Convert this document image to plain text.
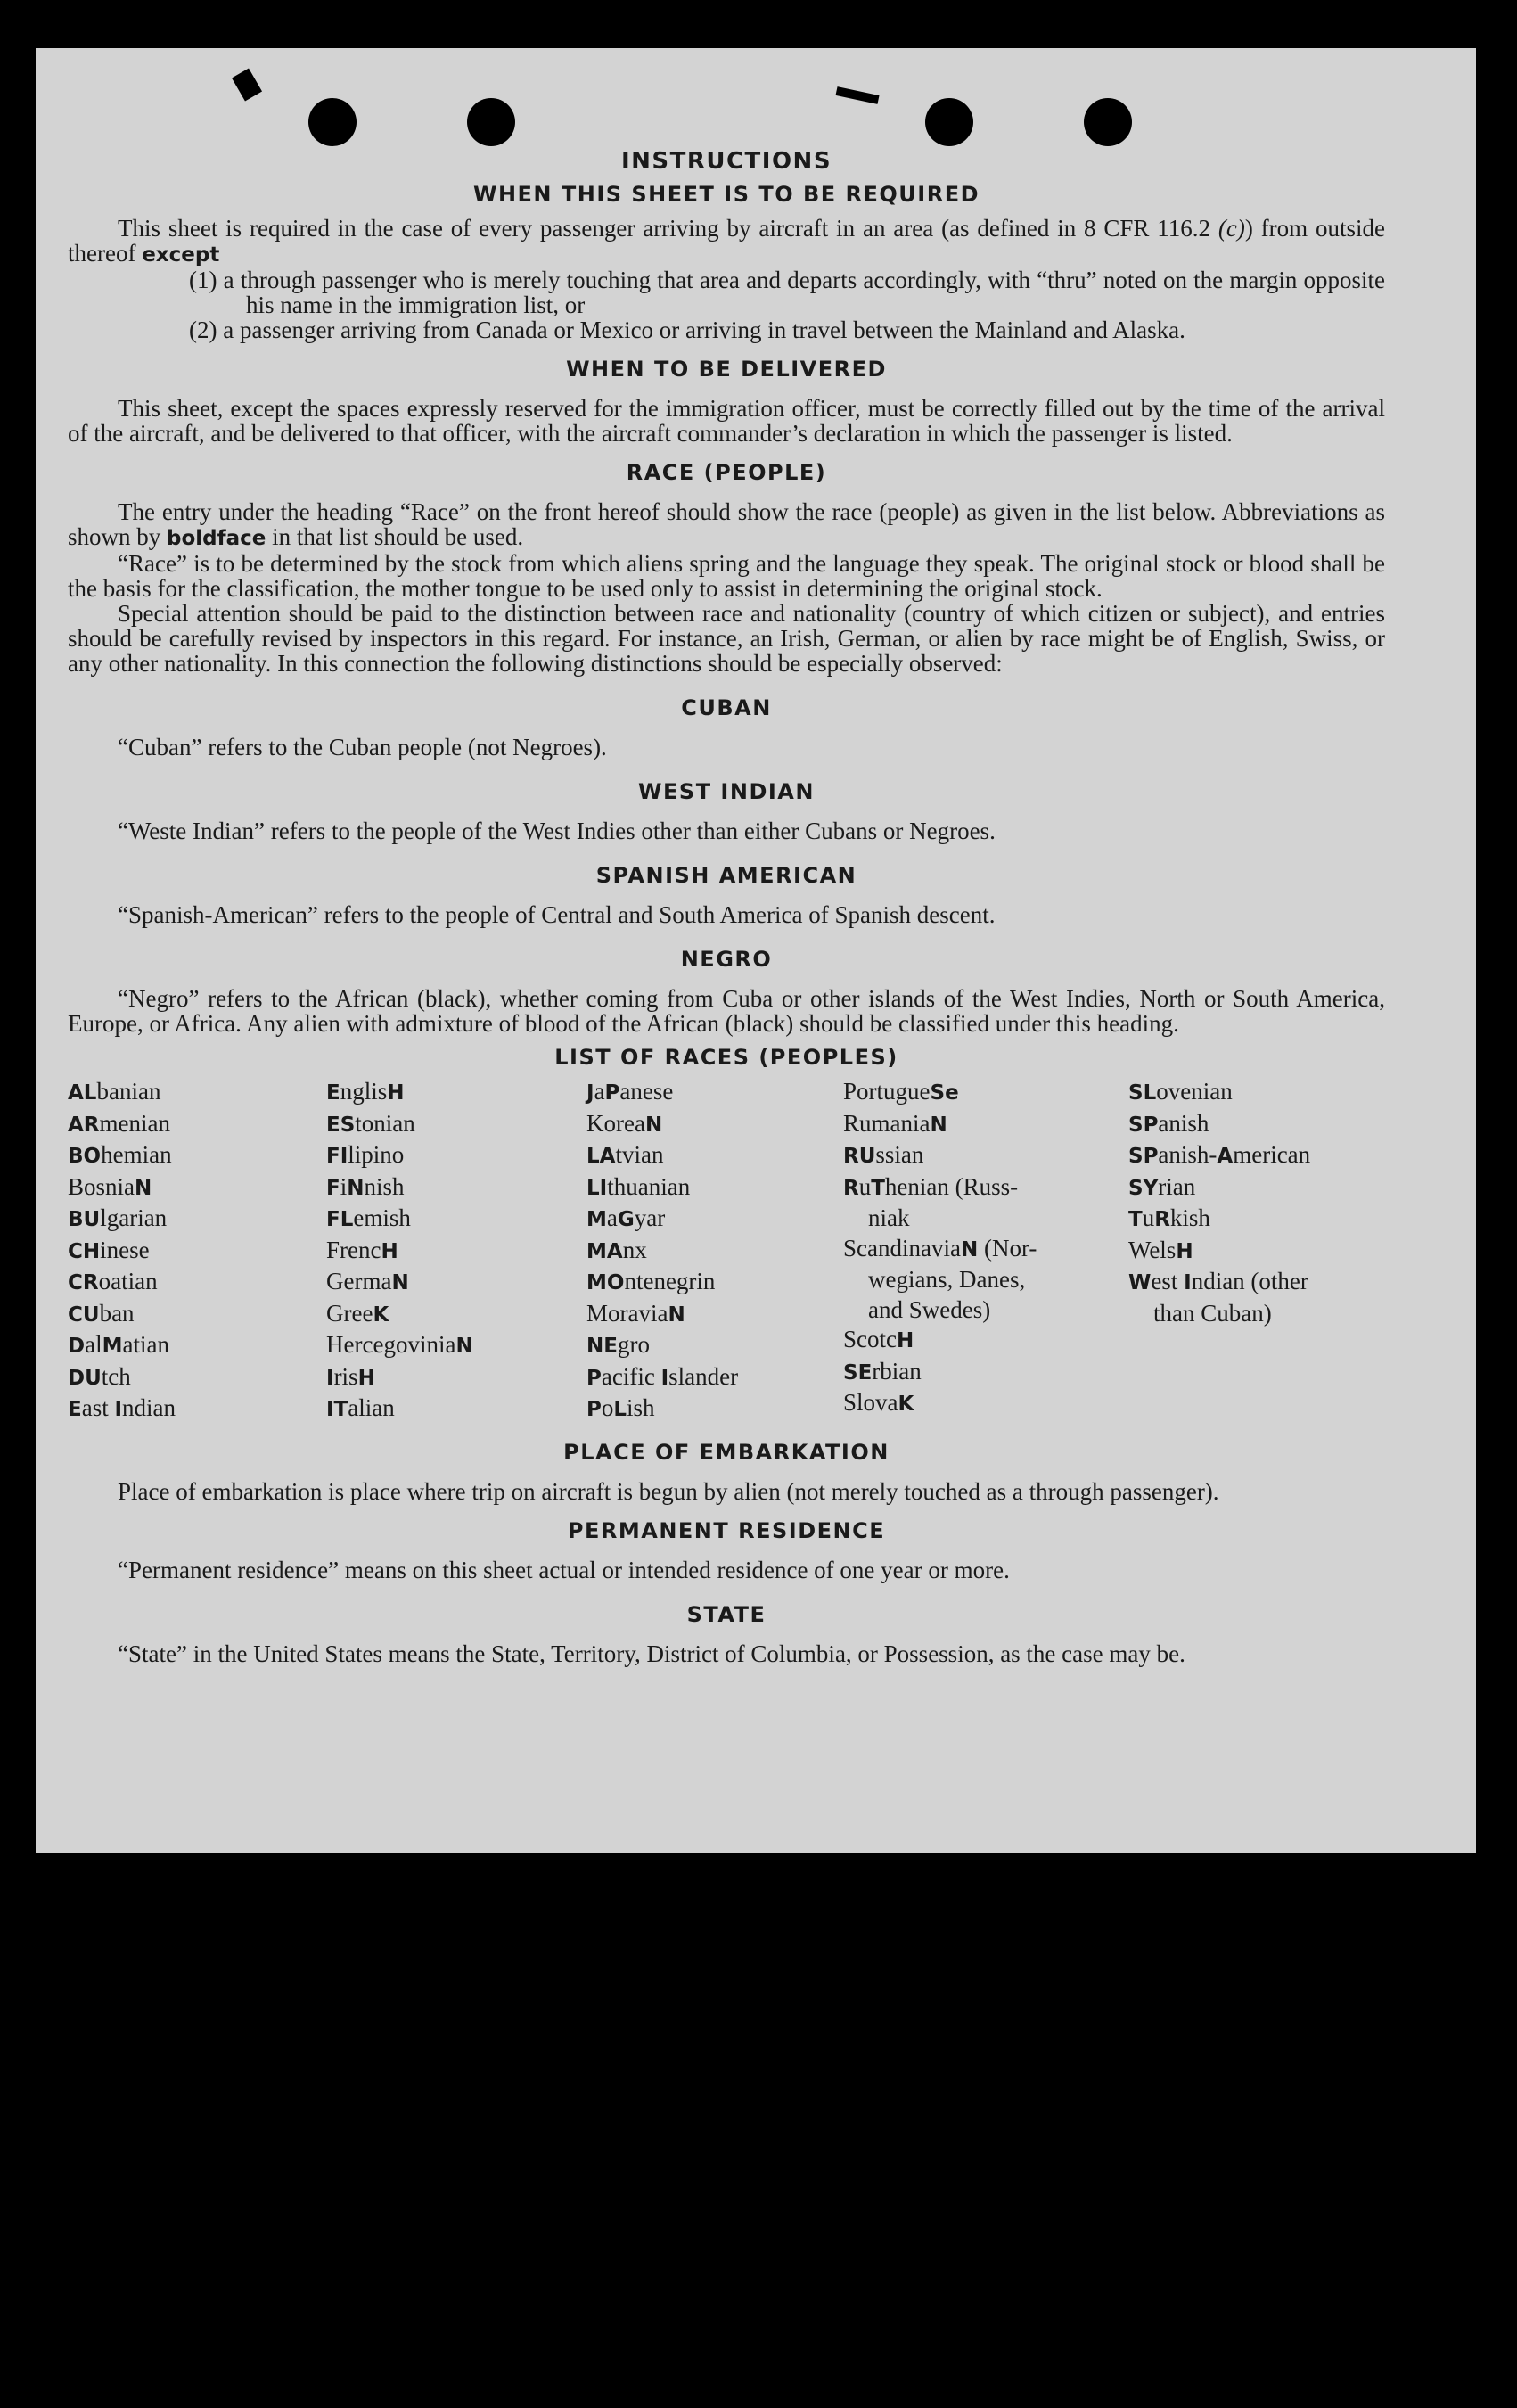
INSTRUCTIONS

WHEN THIS SHEET IS TO BE REQUIRED

This sheet is required in the case of every passenger arriving by aircraft in an area (as defined in 8 CFR 116.2 (c)) from outside thereof except

(1) a through passenger who is merely touching that area and departs accordingly, with “thru” noted on the margin opposite his name in the immigration list, or

(2) a passenger arriving from Canada or Mexico or arriving in travel between the Mainland and Alaska.

WHEN TO BE DELIVERED

This sheet, except the spaces expressly reserved for the immigration officer, must be correctly filled out by the time of the arrival of the aircraft, and be delivered to that officer, with the aircraft commander’s declaration in which the passenger is listed.

RACE (PEOPLE)

The entry under the heading “Race” on the front hereof should show the race (people) as given in the list below. Abbreviations as shown by boldface in that list should be used.

“Race” is to be determined by the stock from which aliens spring and the language they speak. The original stock or blood shall be the basis for the classification, the mother tongue to be used only to assist in determining the original stock.

Special attention should be paid to the distinction between race and nationality (country of which citizen or subject), and entries should be carefully revised by inspectors in this regard. For instance, an Irish, German, or alien by race might be of English, Swiss, or any other nationality. In this connection the following distinctions should be especially observed:

CUBAN

“Cuban” refers to the Cuban people (not Negroes).

WEST INDIAN

“Weste Indian” refers to the people of the West Indies other than either Cubans or Negroes.

SPANISH AMERICAN

“Spanish-American” refers to the people of Central and South America of Spanish descent.

NEGRO

“Negro” refers to the African (black), whether coming from Cuba or other islands of the West Indies, North or South America, Europe, or Africa. Any alien with admixture of blood of the African (black) should be classified under this heading.

LIST OF RACES (PEOPLES)

ALbanian
ARmenian
BOhemian
BosniaN
BUlgarian
CHinese
CRoatian
CUban
DalMatian
DUtch
East Indian
EnglisH
EStonian
FIlipino
FiNnish
FLemish
FrencH
GermaN
GreeK
HercegoviniaN
IrisH
ITalian
JaPanese
KoreaN
LAtvian
LIthuanian
MaGyar
MAnx
MOntenegrin
MoraviaN
NEgro
Pacific Islander
PoLish
PortugueSe
RumaniaN
RUssian
RuThenian (Russ-
niak
ScandinaviaN (Nor-
wegians, Danes,
and Swedes)
ScotcH
SErbian
SlovaK
SLovenian
SPanish
SPanish-American
SYrian
TuRkish
WelsH
West Indian (other
than Cuban)

PLACE OF EMBARKATION

Place of embarkation is place where trip on aircraft is begun by alien (not merely touched as a through passenger).

PERMANENT RESIDENCE

“Permanent residence” means on this sheet actual or intended residence of one year or more.

STATE

“State” in the United States means the State, Territory, District of Columbia, or Possession, as the case may be.
